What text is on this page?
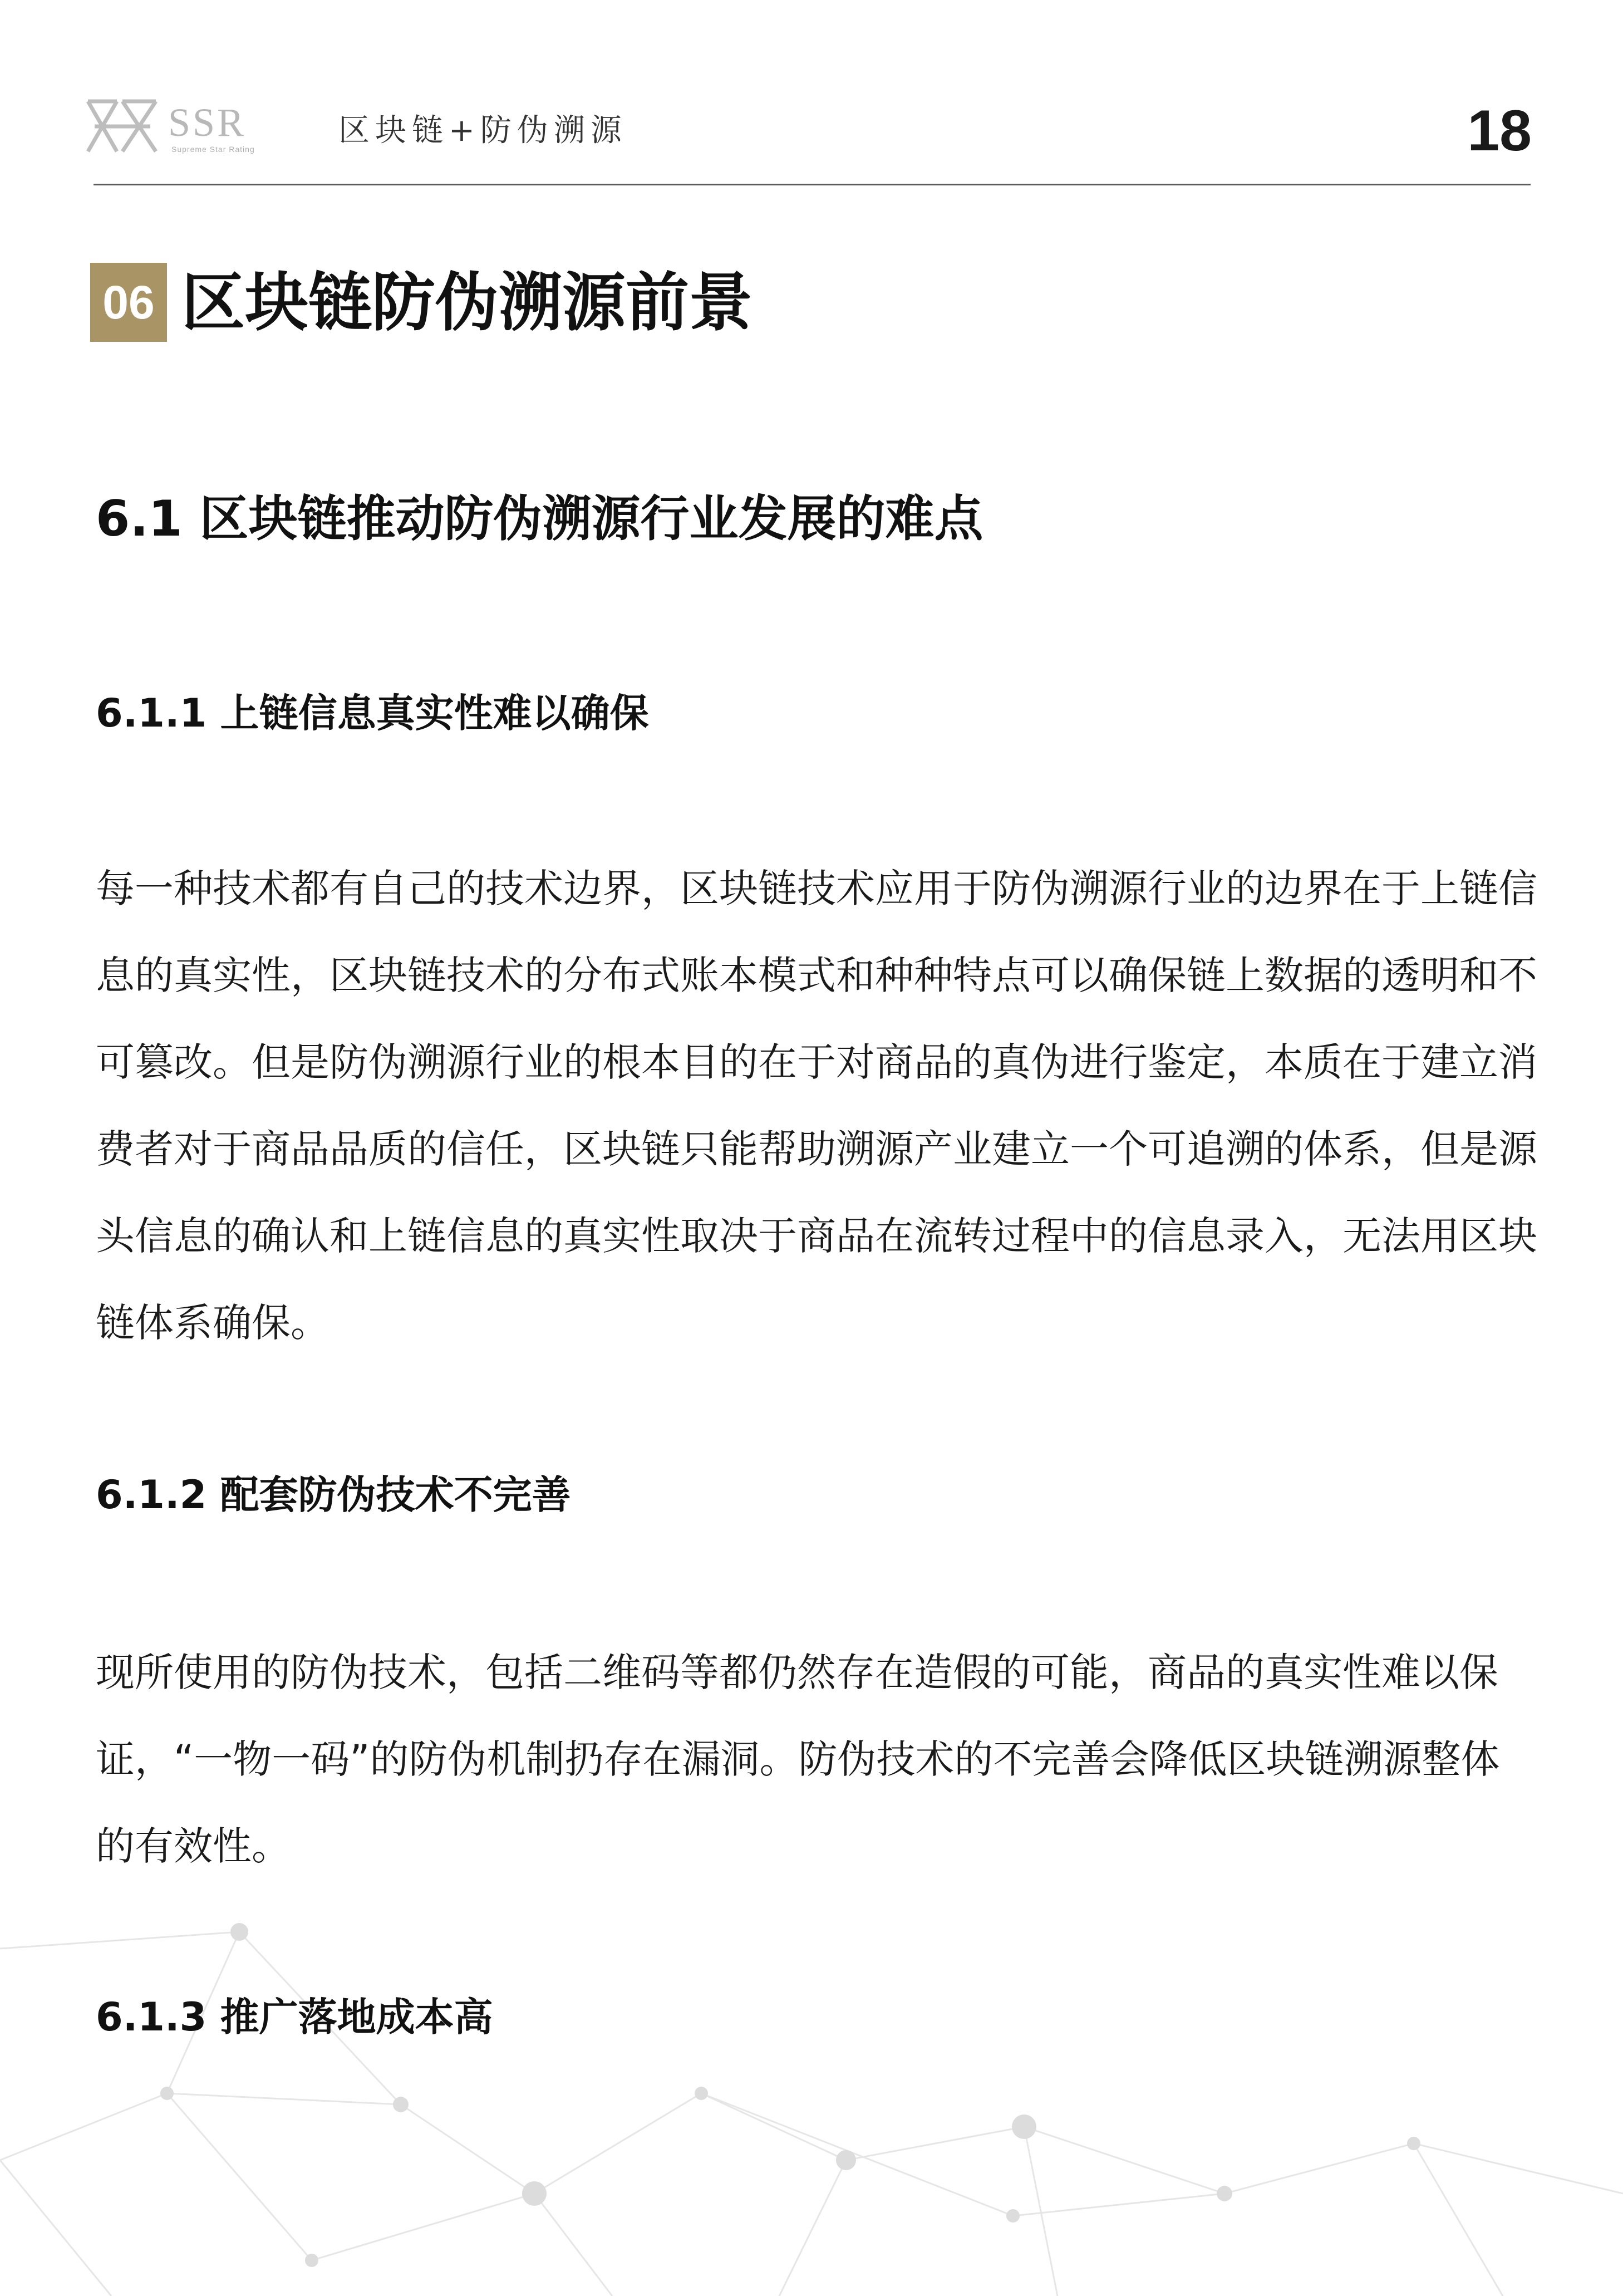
SSR
Supreme Star Rating
区块链+防伪溯源	18
06 区块链防伪溯源前景
6.1 区块链推动防伪溯源行业发展的难点
6.1.1 上链信息真实性难以确保

每一种技术都有自己的技术边界，区块链技术应用于防伪溯源行业的边界在于上链信息的真实性，区块链技术的分布式账本模式和种种特点可以确保链上数据的透明和不可篡改。但是防伪溯源行业的根本目的在于对商品的真伪进行鉴定，本质在于建立消费者对于商品品质的信任，区块链只能帮助溯源产业建立一个可追溯的体系，但是源头信息的确认和上链信息的真实性取决于商品在流转过程中的信息录入，无法用区块链体系确保。

6.1.2 配套防伪技术不完善

现所使用的防伪技术，包括二维码等都仍然存在造假的可能，商品的真实性难以保证，“一物一码”的防伪机制扔存在漏洞。防伪技术的不完善会降低区块链溯源整体的有效性。

6.1.3 推广落地成本高
